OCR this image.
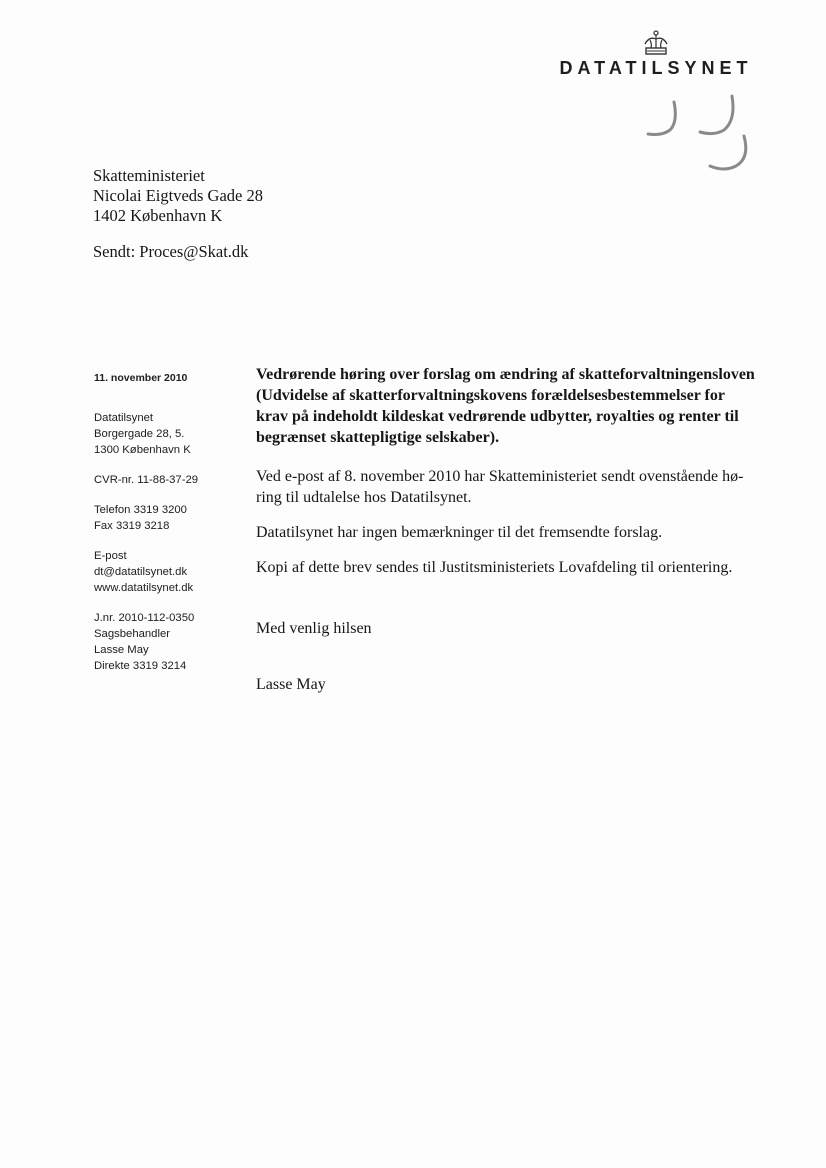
DATATILSYNET
Skatteministeriet
Nicolai Eigtveds Gade 28
1402 København K
Sendt: Proces@Skat.dk
11. november 2010
Datatilsynet
Borgergade 28, 5.
1300 København K
CVR-nr. 11-88-37-29
Telefon 3319 3200
Fax 3319 3218
E-post
dt@datatilsynet.dk
www.datatilsynet.dk
J.nr. 2010-112-0350
Sagsbehandler
Lasse May
Direkte 3319 3214
Vedrørende høring over forslag om ændring af skatteforvaltningensloven
(Udvidelse af skatterforvaltningskovens forældelsesbestemmelser for
krav på indeholdt kildeskat vedrørende udbytter, royalties og renter til
begrænset skattepligtige selskaber).
Ved e-post af 8. november 2010 har Skatteministeriet sendt ovenstående hø-
ring til udtalelse hos Datatilsynet.
Datatilsynet har ingen bemærkninger til det fremsendte forslag.
Kopi af dette brev sendes til Justitsministeriets Lovafdeling til orientering.
Med venlig hilsen
Lasse May
